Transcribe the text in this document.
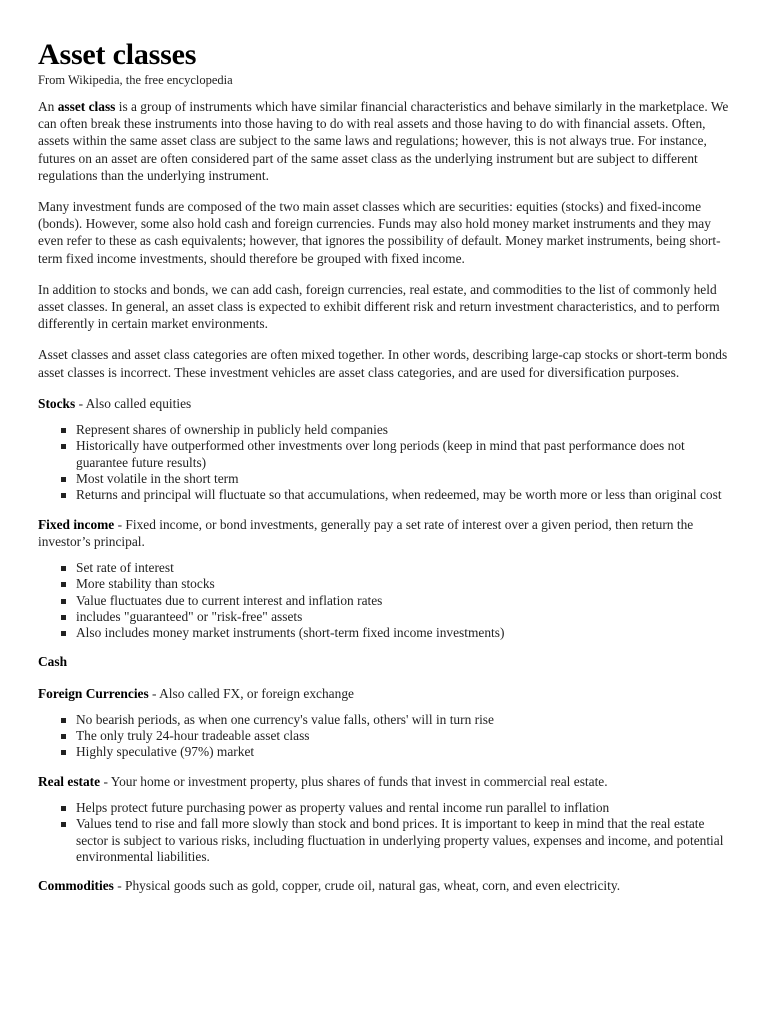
Asset classes
From Wikipedia, the free encyclopedia

An asset class is a group of instruments which have similar financial characteristics and behave similarly in the marketplace. We can often break these instruments into those having to do with real assets and those having to do with financial assets. Often, assets within the same asset class are subject to the same laws and regulations; however, this is not always true. For instance, futures on an asset are often considered part of the same asset class as the underlying instrument but are subject to different regulations than the underlying instrument.

Many investment funds are composed of the two main asset classes which are securities: equities (stocks) and fixed-income (bonds). However, some also hold cash and foreign currencies. Funds may also hold money market instruments and they may even refer to these as cash equivalents; however, that ignores the possibility of default. Money market instruments, being short-term fixed income investments, should therefore be grouped with fixed income.

In addition to stocks and bonds, we can add cash, foreign currencies, real estate, and commodities to the list of commonly held asset classes. In general, an asset class is expected to exhibit different risk and return investment characteristics, and to perform differently in certain market environments.

Asset classes and asset class categories are often mixed together. In other words, describing large-cap stocks or short-term bonds asset classes is incorrect. These investment vehicles are asset class categories, and are used for diversification purposes.

Stocks - Also called equities

Represent shares of ownership in publicly held companies
Historically have outperformed other investments over long periods (keep in mind that past performance does not guarantee future results)
Most volatile in the short term
Returns and principal will fluctuate so that accumulations, when redeemed, may be worth more or less than original cost

Fixed income - Fixed income, or bond investments, generally pay a set rate of interest over a given period, then return the investor’s principal.

Set rate of interest
More stability than stocks
Value fluctuates due to current interest and inflation rates
includes "guaranteed" or "risk-free" assets
Also includes money market instruments (short-term fixed income investments)

Cash

Foreign Currencies - Also called FX, or foreign exchange

No bearish periods, as when one currency's value falls, others' will in turn rise
The only truly 24-hour tradeable asset class
Highly speculative (97%) market

Real estate - Your home or investment property, plus shares of funds that invest in commercial real estate.

Helps protect future purchasing power as property values and rental income run parallel to inflation
Values tend to rise and fall more slowly than stock and bond prices. It is important to keep in mind that the real estate sector is subject to various risks, including fluctuation in underlying property values, expenses and income, and potential environmental liabilities.

Commodities - Physical goods such as gold, copper, crude oil, natural gas, wheat, corn, and even electricity.
